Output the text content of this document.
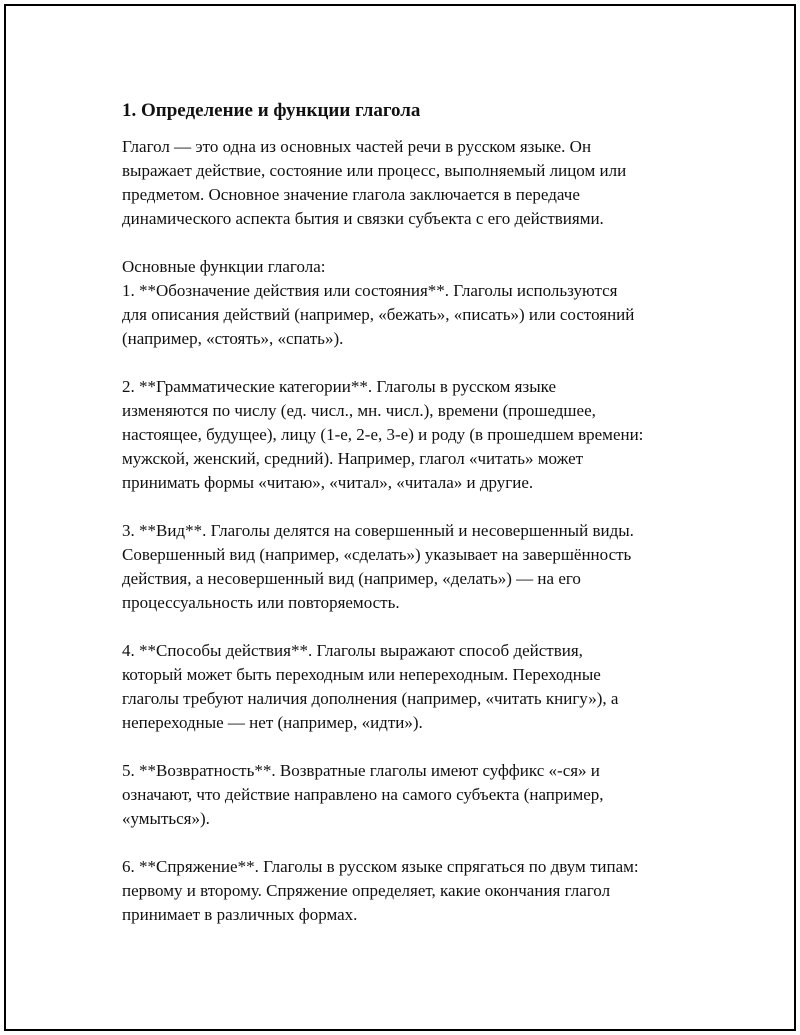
1. Определение и функции глагола

Глагол — это одна из основных частей речи в русском языке. Он
выражает действие, состояние или процесс, выполняемый лицом или
предметом. Основное значение глагола заключается в передаче
динамического аспекта бытия и связки субъекта с его действиями.

Основные функции глагола:
1. **Обозначение действия или состояния**. Глаголы используются
для описания действий (например, «бежать», «писать») или состояний
(например, «стоять», «спать»).

2. **Грамматические категории**. Глаголы в русском языке
изменяются по числу (ед. числ., мн. числ.), времени (прошедшее,
настоящее, будущее), лицу (1-е, 2-е, 3-е) и роду (в прошедшем времени:
мужской, женский, средний). Например, глагол «читать» может
принимать формы «читаю», «читал», «читала» и другие.

3. **Вид**. Глаголы делятся на совершенный и несовершенный виды.
Совершенный вид (например, «сделать») указывает на завершённость
действия, а несовершенный вид (например, «делать») — на его
процессуальность или повторяемость.

4. **Способы действия**. Глаголы выражают способ действия,
который может быть переходным или непереходным. Переходные
глаголы требуют наличия дополнения (например, «читать книгу»), а
непереходные — нет (например, «идти»).

5. **Возвратность**. Возвратные глаголы имеют суффикс «-ся» и
означают, что действие направлено на самого субъекта (например,
«умыться»).

6. **Спряжение**. Глаголы в русском языке спрягаться по двум типам:
первому и второму. Спряжение определяет, какие окончания глагол
принимает в различных формах.
